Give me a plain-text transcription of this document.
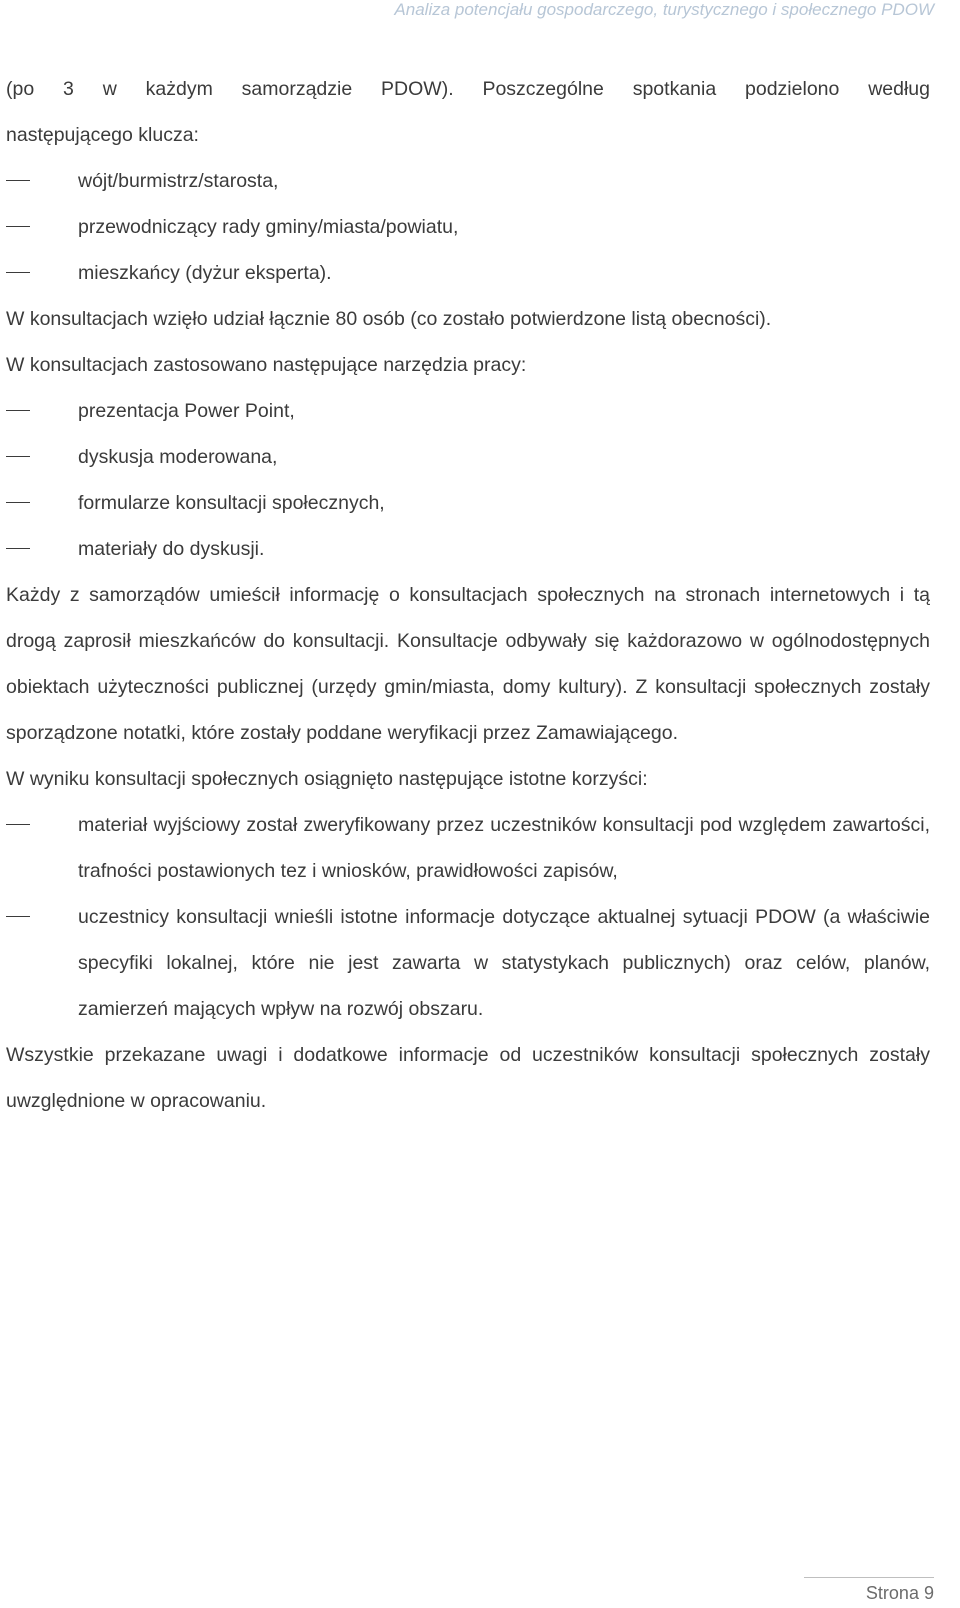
Analiza potencjału gospodarczego, turystycznego i społecznego PDOW

(po 3 w każdym samorządzie PDOW). Poszczególne spotkania podzielono według

następującego klucza:

wójt/burmistrz/starosta,
przewodniczący rady gminy/miasta/powiatu,
mieszkańcy (dyżur eksperta).

W konsultacjach wzięło udział łącznie 80 osób (co zostało potwierdzone listą obecności).

W konsultacjach zastosowano następujące narzędzia pracy:

prezentacja Power Point,
dyskusja moderowana,
formularze konsultacji społecznych,
materiały do dyskusji.

Każdy z samorządów umieścił informację o konsultacjach społecznych na stronach internetowych i tą drogą zaprosił mieszkańców do konsultacji. Konsultacje odbywały się każdorazowo w ogólnodostępnych obiektach użyteczności publicznej (urzędy gmin/miasta, domy kultury). Z konsultacji społecznych zostały sporządzone notatki, które zostały poddane weryfikacji przez Zamawiającego.

W wyniku konsultacji społecznych osiągnięto następujące istotne korzyści:

materiał wyjściowy został zweryfikowany przez uczestników konsultacji pod względem zawartości, trafności postawionych tez i wniosków, prawidłowości zapisów,
uczestnicy konsultacji wnieśli istotne informacje dotyczące aktualnej sytuacji PDOW (a właściwie specyfiki lokalnej, które nie jest zawarta w statystykach publicznych) oraz celów, planów, zamierzeń mających wpływ na rozwój obszaru.

Wszystkie przekazane uwagi i dodatkowe informacje od uczestników konsultacji społecznych zostały uwzględnione w opracowaniu.

Strona 9
